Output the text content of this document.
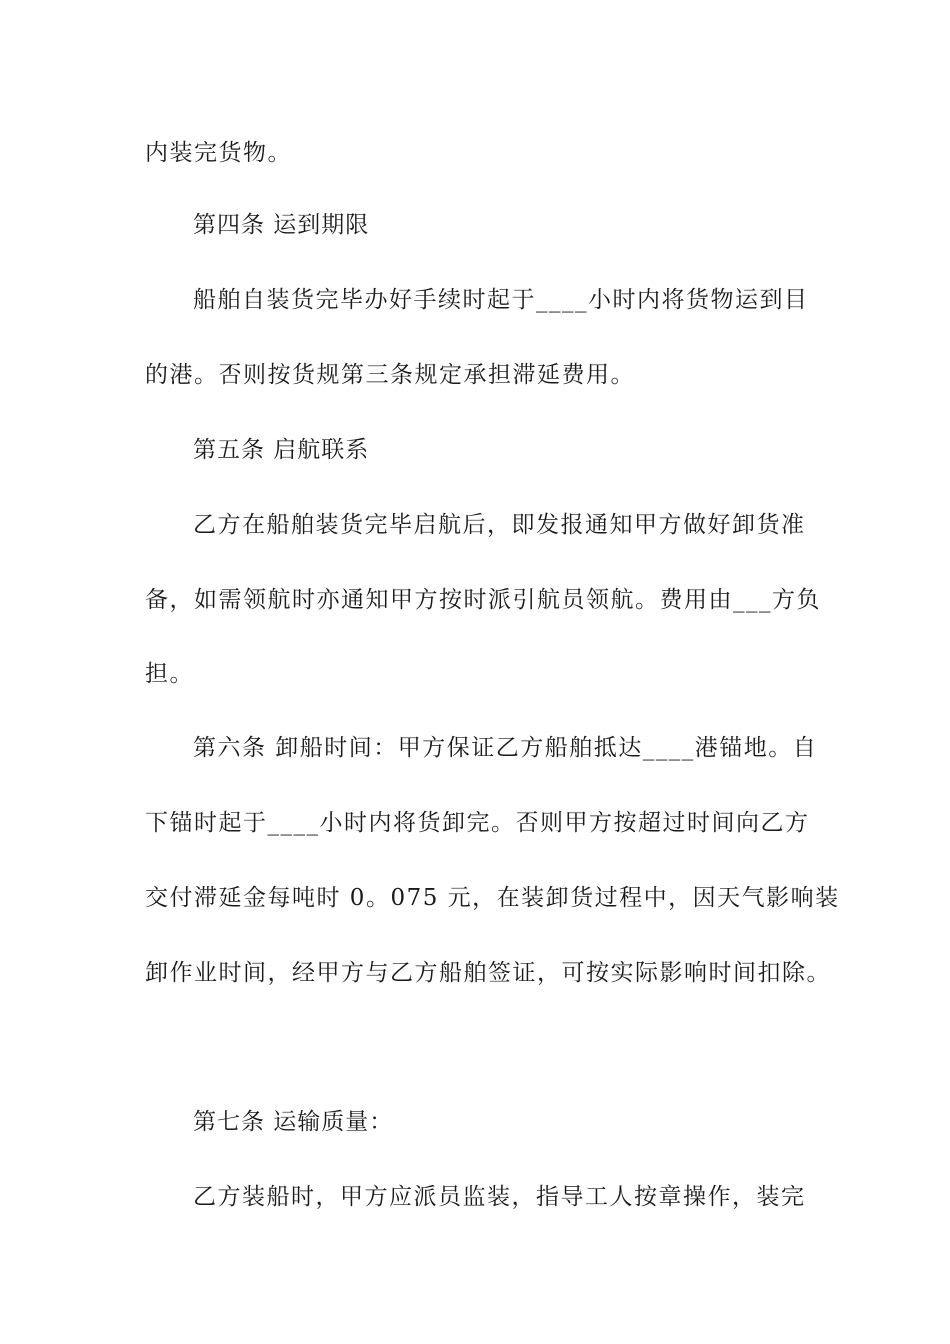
内装完货物。
第四条 运到期限
船舶自装货完毕办好手续时起于____小时内将货物运到目
的港。否则按货规第三条规定承担滞延费用。
第五条 启航联系
乙方在船舶装货完毕启航后，即发报通知甲方做好卸货准
备，如需领航时亦通知甲方按时派引航员领航。费用由___方负
担。
第六条 卸船时间：甲方保证乙方船舶抵达____港锚地。自
下锚时起于____小时内将货卸完。否则甲方按超过时间向乙方
交付滞延金每吨时 0。075 元，在装卸货过程中，因天气影响装
卸作业时间，经甲方与乙方船舶签证，可按实际影响时间扣除。
第七条 运输质量：
乙方装船时，甲方应派员监装，指导工人按章操作，装完
